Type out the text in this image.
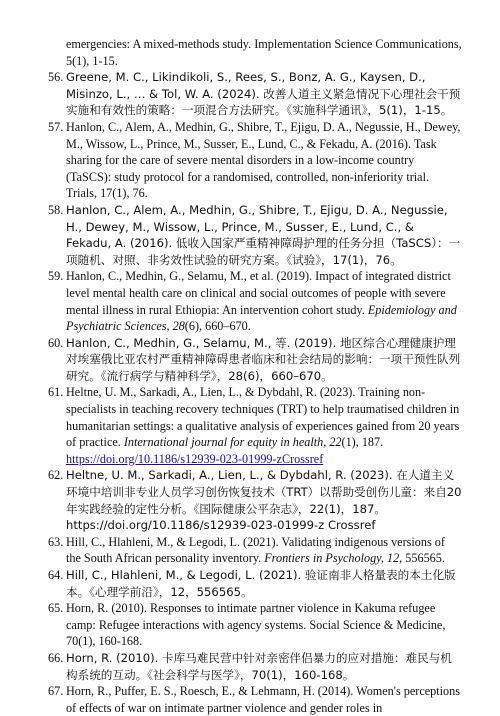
emergencies: A mixed-methods study. Implementation Science Communications, 5(1), 1-15.

56. Greene, M. C., Likindikoli, S., Rees, S., Bonz, A. G., Kaysen, D., Misinzo, L., … & Tol, W. A. (2024). 改善人道主义紧急情况下心理社会干预实施和有效性的策略：一项混合方法研究。《实施科学通讯》，5(1)，1-15。
57. Hanlon, C., Alem, A., Medhin, G., Shibre, T., Ejigu, D. A., Negussie, H., Dewey, M., Wissow, L., Prince, M., Susser, E., Lund, C., & Fekadu, A. (2016). Task sharing for the care of severe mental disorders in a low-income country (TaSCS): study protocol for a randomised, controlled, non-inferiority trial. Trials, 17(1), 76.
58. Hanlon, C., Alem, A., Medhin, G., Shibre, T., Ejigu, D. A., Negussie, H., Dewey, M., Wissow, L., Prince, M., Susser, E., Lund, C., & Fekadu, A. (2016). 低收入国家严重精神障碍护理的任务分担（TaSCS）：一项随机、对照、非劣效性试验的研究方案。《试验》，17(1)，76。
59. Hanlon, C., Medhin, G., Selamu, M., et al. (2019). Impact of integrated district level mental health care on clinical and social outcomes of people with severe mental illness in rural Ethiopia: An intervention cohort study. Epidemiology and Psychiatric Sciences, 28(6), 660–670.
60. Hanlon, C., Medhin, G., Selamu, M., 等. (2019). 地区综合心理健康护理对埃塞俄比亚农村严重精神障碍患者临床和社会结局的影响：一项干预性队列研究。《流行病学与精神科学》，28(6)，660–670。
61. Heltne, U. M., Sarkadi, A., Lien, L., & Dybdahl, R. (2023). Training non-specialists in teaching recovery techniques (TRT) to help traumatised children in humanitarian settings: a qualitative analysis of experiences gained from 20 years of practice. International journal for equity in health, 22(1), 187.
https://doi.org/10.1186/s12939-023-01999-zCrossref
62. Heltne, U. M., Sarkadi, A., Lien, L., & Dybdahl, R. (2023). 在人道主义环境中培训非专业人员学习创伤恢复技术（TRT）以帮助受创伤儿童：来自20年实践经验的定性分析。《国际健康公平杂志》，22(1)，187。https://doi.org/10.1186/s12939-023-01999-z Crossref
63. Hill, C., Hlahleni, M., & Legodi, L. (2021). Validating indigenous versions of the South African personality inventory. Frontiers in Psychology, 12, 556565.
64. Hill, C., Hlahleni, M., & Legodi, L. (2021). 验证南非人格量表的本土化版本。《心理学前沿》，12，556565。
65. Horn, R. (2010). Responses to intimate partner violence in Kakuma refugee camp: Refugee interactions with agency systems. Social Science & Medicine, 70(1), 160-168.
66. Horn, R. (2010). 卡库马难民营中针对亲密伴侣暴力的应对措施：难民与机构系统的互动。《社会科学与医学》，70(1)，160-168。
67. Horn, R., Puffer, E. S., Roesch, E., & Lehmann, H. (2014). Women's perceptions of effects of war on intimate partner violence and gender roles in
